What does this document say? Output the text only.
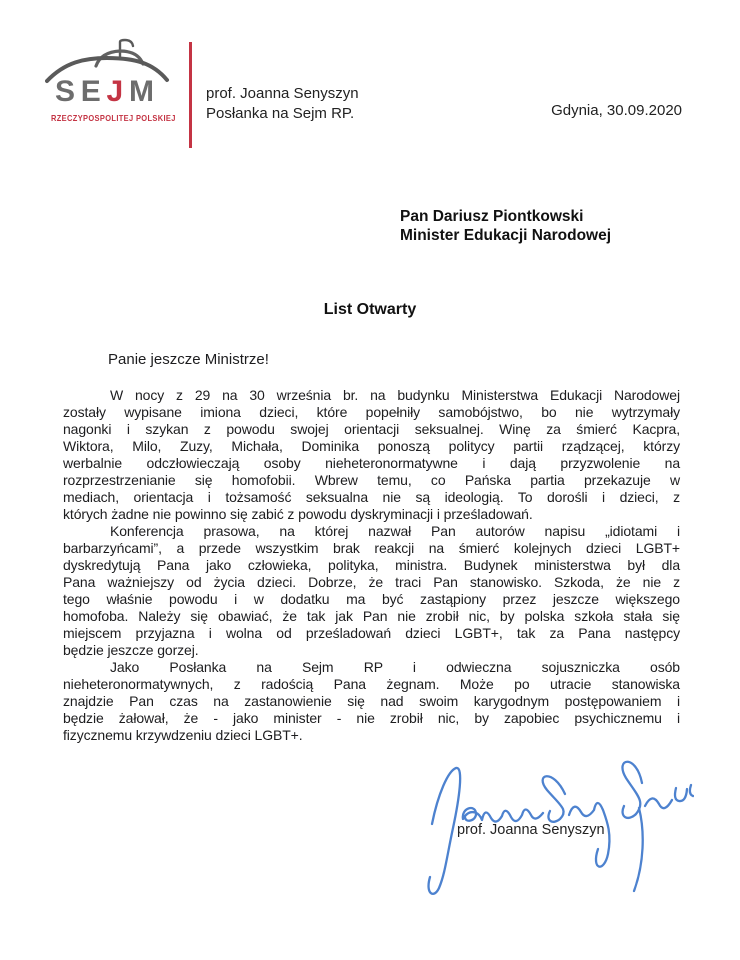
S E J M
RZECZYPOSPOLITEJ POLSKIEJ
prof. Joanna Senyszyn
Posłanka na Sejm RP.	Gdynia, 30.09.2020
Pan Dariusz Piontkowski
Minister Edukacji Narodowej
List Otwarty
Panie jeszcze Ministrze!
W nocy z 29 na 30 września br. na budynku Ministerstwa Edukacji Narodowej
zostały wypisane imiona dzieci, które popełniły samobójstwo, bo nie wytrzymały
nagonki i szykan z powodu swojej orientacji seksualnej. Winę za śmierć Kacpra,
Wiktora, Milo, Zuzy, Michała, Dominika ponoszą politycy partii rządzącej, którzy
werbalnie odczłowieczają osoby nieheteronormatywne i dają przyzwolenie na
rozprzestrzenianie się homofobii. Wbrew temu, co Pańska partia przekazuje w
mediach, orientacja i tożsamość seksualna nie są ideologią. To dorośli i dzieci, z
których żadne nie powinno się zabić z powodu dyskryminacji i prześladowań.
Konferencja prasowa, na której nazwał Pan autorów napisu „idiotami i
barbarzyńcami”, a przede wszystkim brak reakcji na śmierć kolejnych dzieci LGBT+
dyskredytują Pana jako człowieka, polityka, ministra. Budynek ministerstwa był dla
Pana ważniejszy od życia dzieci. Dobrze, że traci Pan stanowisko. Szkoda, że nie z
tego właśnie powodu i w dodatku ma być zastąpiony przez jeszcze większego
homofoba. Należy się obawiać, że tak jak Pan nie zrobił nic, by polska szkoła stała się
miejscem przyjazna i wolna od prześladowań dzieci LGBT+, tak za Pana następcy
będzie jeszcze gorzej.
Jako Posłanka na Sejm RP i odwieczna sojuszniczka osób
nieheteronormatywnych, z radością Pana żegnam. Może po utracie stanowiska
znajdzie Pan czas na zastanowienie się nad swoim karygodnym postępowaniem i
będzie żałował, że - jako minister - nie zrobił nic, by zapobiec psychicznemu i
fizycznemu krzywdzeniu dzieci LGBT+.
prof. Joanna Senyszyn
